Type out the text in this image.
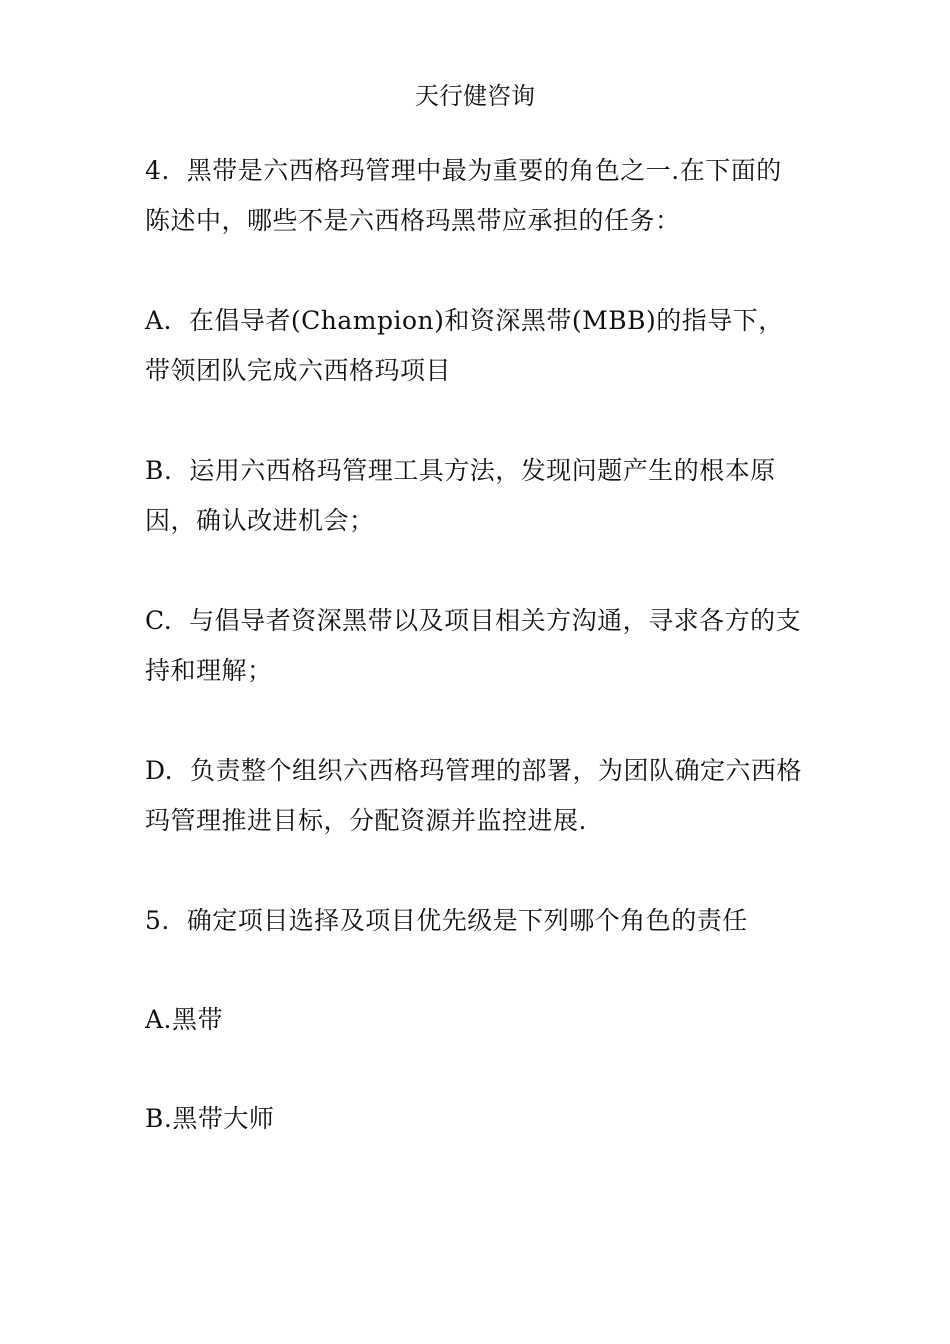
天行健咨询
4.  黑带是六西格玛管理中最为重要的角色之一.在下面的陈述中，哪些不是六西格玛黑带应承担的任务：
A.  在倡导者(Champion)和资深黑带(MBB)的指导下，带领团队完成六西格玛项目
B.  运用六西格玛管理工具方法，发现问题产生的根本原因，确认改进机会；
C.  与倡导者资深黑带以及项目相关方沟通，寻求各方的支持和理解；
D.  负责整个组织六西格玛管理的部署，为团队确定六西格玛管理推进目标，分配资源并监控进展.
5.  确定项目选择及项目优先级是下列哪个角色的责任
A.黑带
B.黑带大师
